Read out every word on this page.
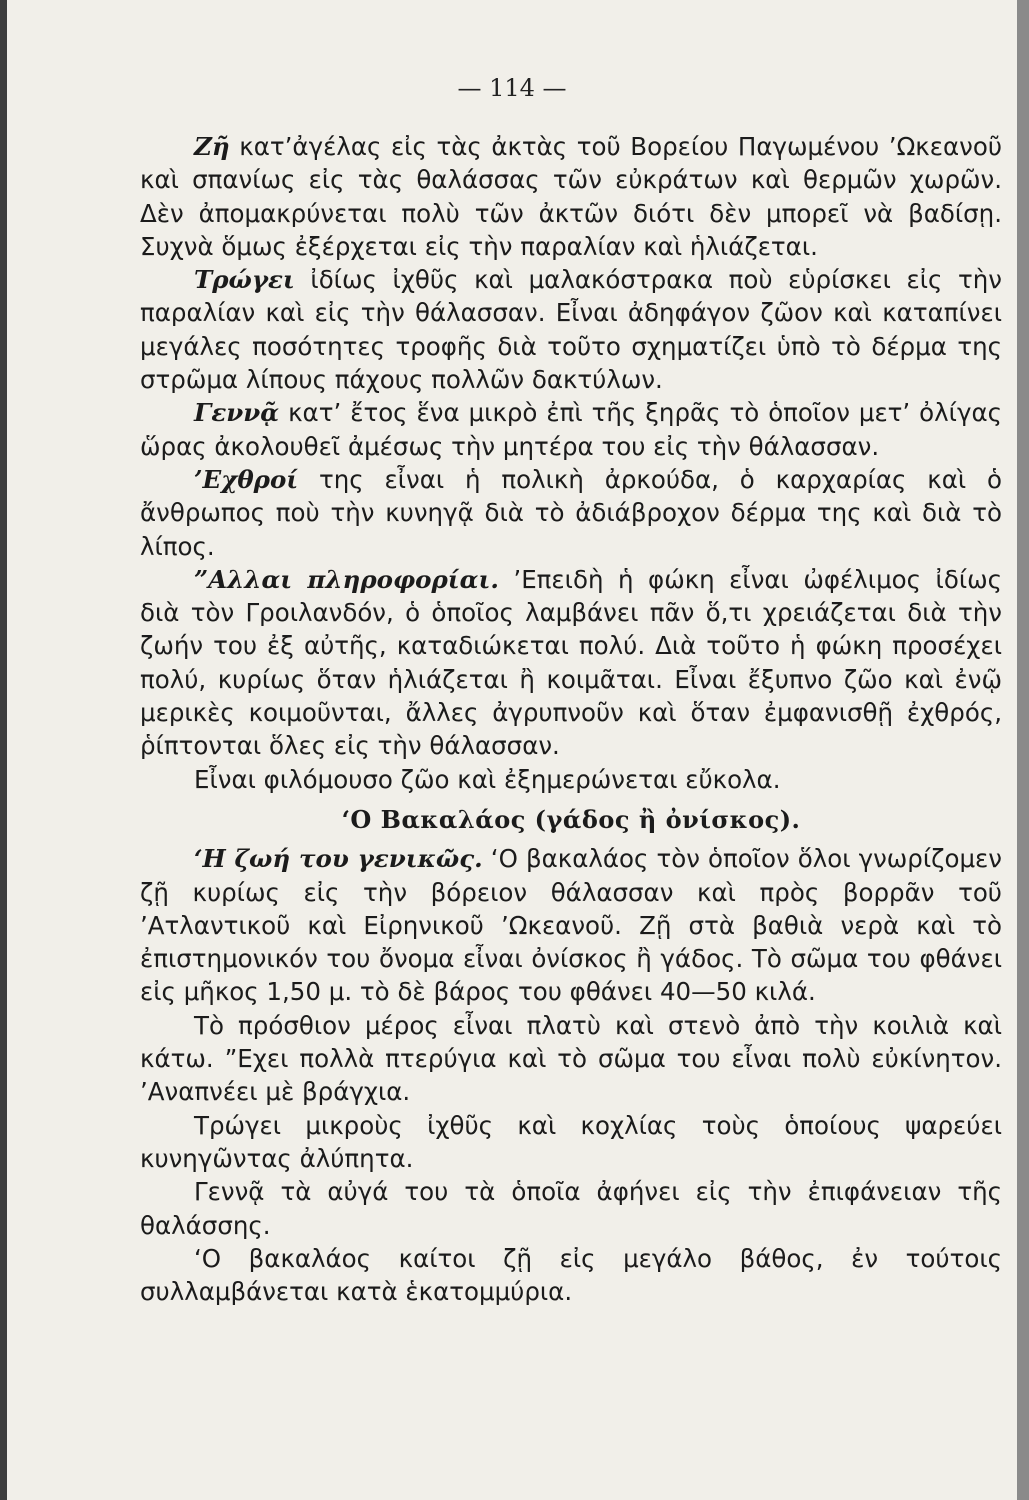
— 114 —

Ζῆ κατ’ἀγέλας εἰς τὰς ἀκτὰς τοῦ Βορείου Παγωμένου ’Ωκεανοῦ καὶ σπανίως εἰς τὰς θαλάσσας τῶν εὐκράτων καὶ θερμῶν χωρῶν. Δὲν ἀπομακρύνεται πολὺ τῶν ἀκτῶν διότι δὲν μπορεῖ νὰ βαδίσῃ. Συχνὰ ὅμως ἐξέρχεται εἰς τὴν παραλίαν καὶ ἡλιάζεται.

Τρώγει ἰδίως ἰχθῦς καὶ μαλακόστρακα ποὺ εὑρίσκει εἰς τὴν παραλίαν καὶ εἰς τὴν θάλασσαν. Εἶναι ἀδηφάγον ζῶον καὶ καταπίνει μεγάλες ποσότητες τροφῆς διὰ τοῦτο σχηματίζει ὑπὸ τὸ δέρμα της στρῶμα λίπους πάχους πολλῶν δακτύλων.

Γεννᾷ κατ’ ἔτος ἕνα μικρὸ ἐπὶ τῆς ξηρᾶς τὸ ὁποῖον μετ’ ὀλίγας ὥρας ἀκολουθεῖ ἀμέσως τὴν μητέρα του εἰς τὴν θάλασσαν.

’Εχθροί της εἶναι ἡ πολικὴ ἀρκούδα, ὁ καρχαρίας καὶ ὁ ἄνθρωπος ποὺ τὴν κυνηγᾷ διὰ τὸ ἀδιάβροχον δέρμα της καὶ διὰ τὸ λίπος.

”Αλλαι πληροφορίαι. ’Επειδὴ ἡ φώκη εἶναι ὠφέλιμος ἰδίως διὰ τὸν Γροιλανδόν, ὁ ὁποῖος λαμβάνει πᾶν ὅ,τι χρειάζεται διὰ τὴν ζωήν του ἐξ αὐτῆς, καταδιώκεται πολύ. Διὰ τοῦτο ἡ φώκη προσέχει πολύ, κυρίως ὅταν ἡλιάζεται ἢ κοιμᾶται. Εἶναι ἔξυπνο ζῶο καὶ ἐνῷ μερικὲς κοιμοῦνται, ἄλλες ἀγρυπνοῦν καὶ ὅταν ἐμφανισθῇ ἐχθρός, ῥίπτονται ὅλες εἰς τὴν θάλασσαν.

Εἶναι φιλόμουσο ζῶο καὶ ἐξημερώνεται εὔκολα.

‘Ο Βακαλάος (γάδος ἢ ὀνίσκος).

‘Η ζωή του γενικῶς. ‘Ο βακαλάος τὸν ὁποῖον ὅλοι γνωρίζομεν ζῇ κυρίως εἰς τὴν βόρειον θάλασσαν καὶ πρὸς βορρᾶν τοῦ ’Ατλαντικοῦ καὶ Εἰρηνικοῦ ’Ωκεανοῦ. Ζῇ στὰ βαθιὰ νερὰ καὶ τὸ ἐπιστημονικόν του ὄνομα εἶναι ὀνίσκος ἢ γάδος. Τὸ σῶμα του φθάνει εἰς μῆκος 1,50 μ. τὸ δὲ βάρος του φθάνει 40—50 κιλά.

Τὸ πρόσθιον μέρος εἶναι πλατὺ καὶ στενὸ ἀπὸ τὴν κοιλιὰ καὶ κάτω. ”Εχει πολλὰ πτερύγια καὶ τὸ σῶμα του εἶναι πολὺ εὐκίνητον. ’Αναπνέει μὲ βράγχια.

Τρώγει μικροὺς ἰχθῦς καὶ κοχλίας τοὺς ὁποίους ψαρεύει κυνηγῶντας ἀλύπητα.

Γεννᾷ τὰ αὐγά του τὰ ὁποῖα ἀφήνει εἰς τὴν ἐπιφάνειαν τῆς θαλάσσης.

‘Ο βακαλάος καίτοι ζῇ εἰς μεγάλο βάθος, ἐν τούτοις συλλαμβάνεται κατὰ ἑκατομμύρια.
